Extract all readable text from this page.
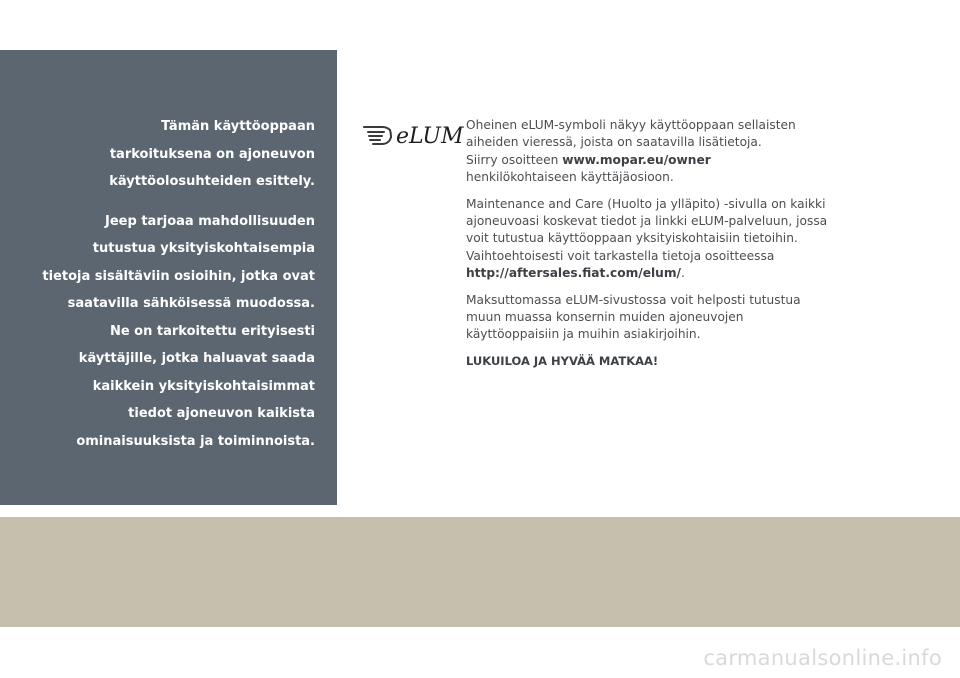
Tämän käyttöoppaan
tarkoituksena on ajoneuvon
käyttöolosuhteiden esittely.

Jeep tarjoaa mahdollisuuden
tutustua yksityiskohtaisempia
tietoja sisältäviin osioihin, jotka ovat
saatavilla sähköisessä muodossa.
Ne on tarkoitettu erityisesti
käyttäjille, jotka haluavat saada
kaikkein yksityiskohtaisimmat
tiedot ajoneuvon kaikista
ominaisuuksista ja toiminnoista.

eLUM Oheinen eLUM-symboli näkyy käyttöoppaan sellaisten
aiheiden vieressä, joista on saatavilla lisätietoja.
Siirry osoitteen www.mopar.eu/owner
henkilökohtaiseen käyttäjäosioon.

Maintenance and Care (Huolto ja ylläpito) -sivulla on kaikki
ajoneuvoasi koskevat tiedot ja linkki eLUM-palveluun, jossa
voit tutustua käyttöoppaan yksityiskohtaisiin tietoihin.
Vaihtoehtoisesti voit tarkastella tietoja osoitteessa
http://aftersales.fiat.com/elum/.

Maksuttomassa eLUM-sivustossa voit helposti tutustua
muun muassa konsernin muiden ajoneuvojen
käyttöoppaisiin ja muihin asiakirjoihin.

LUKUILOA JA HYVÄÄ MATKAA!

carmanualsonline.info
